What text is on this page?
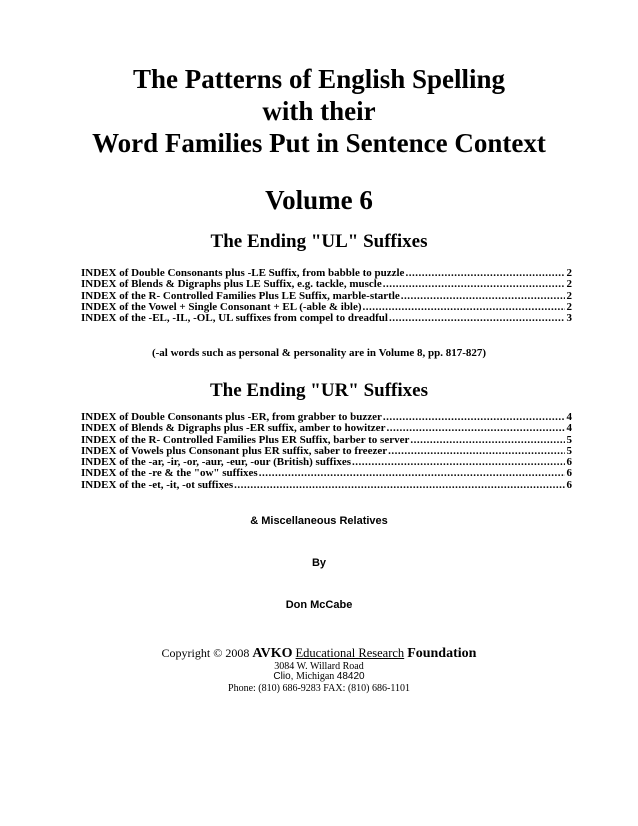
The Patterns of English Spelling
with their
Word Families Put in Sentence Context
Volume 6
The Ending "UL" Suffixes
INDEX of Double Consonants plus -LE Suffix, from babble to puzzle .....	2
INDEX of Blends & Digraphs plus LE Suffix, e.g. tackle, muscle .....	2
INDEX of the R- Controlled Families Plus LE Suffix, marble-startle .....	2
INDEX of the Vowel + Single Consonant + EL (-able & ible) .....	2
INDEX of the -EL, -IL, -OL, UL suffixes from compel to dreadful .....	3

(-al words such as personal & personality are in Volume 8, pp. 817-827)

The Ending "UR" Suffixes
INDEX of Double Consonants plus -ER, from grabber to buzzer .....	4
INDEX of Blends & Digraphs plus -ER suffix, amber to howitzer .....	4
INDEX of the R- Controlled Families Plus ER Suffix, barber to server .....	5
INDEX of Vowels plus Consonant plus ER suffix, saber to freezer .....	5
INDEX of the -ar, -ir, -or, -aur, -eur, -our (British) suffixes .....	6
INDEX of the -re & the "ow" suffixes .....	6
INDEX of the -et, -it, -ot suffixes .....	6

& Miscellaneous Relatives

By

Don McCabe

Copyright © 2008 AVKO Educational Research Foundation

3084 W. Willard Road

Clio, Michigan 48420

Phone: (810) 686-9283 FAX: (810) 686-1101
